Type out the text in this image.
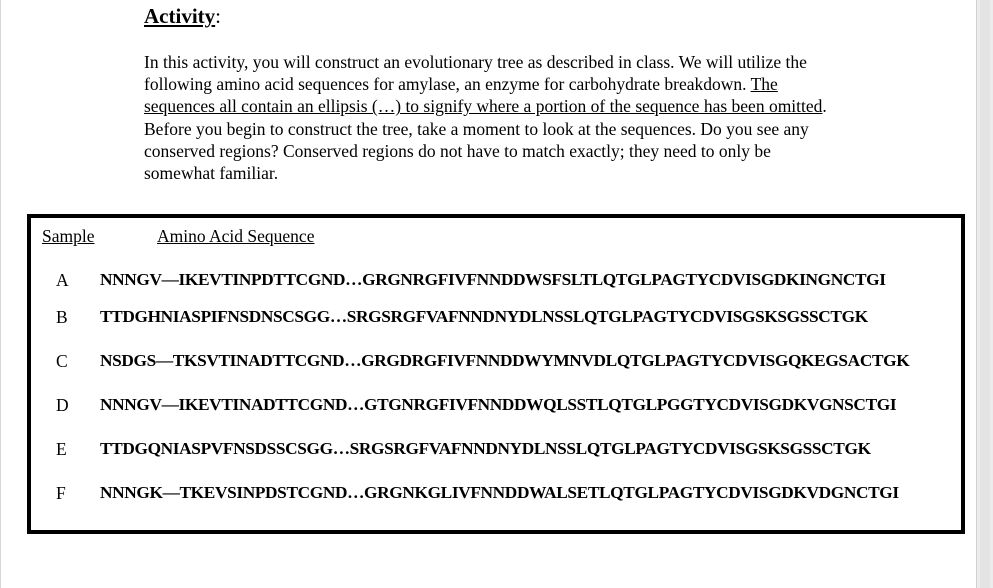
Activity:
In this activity, you will construct an evolutionary tree as described in class. We will utilize the following amino acid sequences for amylase, an enzyme for carbohydrate breakdown. The sequences all contain an ellipsis (…) to signify where a portion of the sequence has been omitted. Before you begin to construct the tree, take a moment to look at the sequences. Do you see any conserved regions? Conserved regions do not have to match exactly; they need to only be somewhat familiar.
Sample	Amino Acid Sequence
A NNNGV—IKEVTINPDTTCGND…GRGNRGFIVFNNDDWSFSLTLQTGLPAGTYCDVISGDKINGNCTGI
B TTDGHNIASPIFNSDNSCSGG…SRGSRGFVAFNNDNYDLNSSLQTGLPAGTYCDVISGSKSGSSCTGK
C NSDGS—TKSVTINADTTCGND…GRGDRGFIVFNNDDWYMNVDLQTGLPAGTYCDVISGQKEGSACTGK
D NNNGV—IKEVTINADTTCGND…GTGNRGFIVFNNDDWQLSSTLQTGLPGGTYCDVISGDKVGNSCTGI
E TTDGQNIASPVFNSDSSCSGG…SRGSRGFVAFNNDNYDLNSSLQTGLPAGTYCDVISGSKSGSSCTGK
F NNNGK—TKEVSINPDSTCGND…GRGNKGLIVFNNDDWALSETLQTGLPAGTYCDVISGDKVDGNCTGI
